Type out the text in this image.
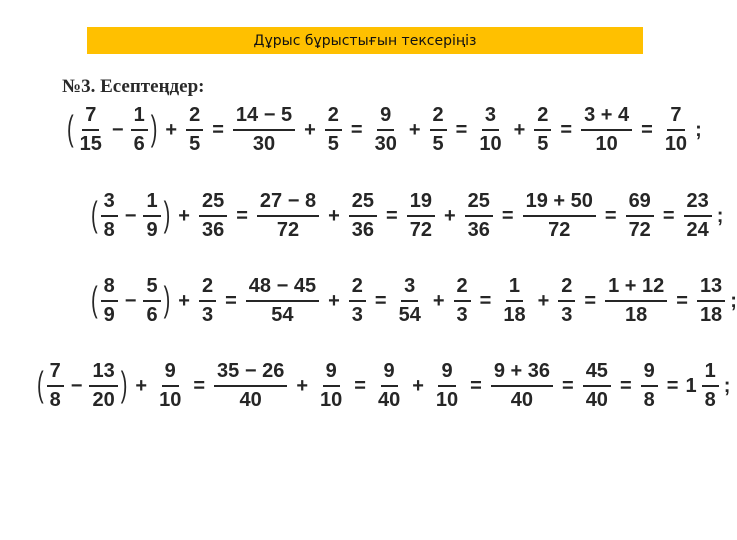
Дұрыс бұрыстығын тексеріңіз
№3. Есептеңдер:
( $\frac{7}{15} - \frac{1}{6}$ ) + $\frac{2}{5} = \frac{14 - 5}{30} + \frac{2}{5} = \frac{9}{30} + \frac{2}{5} = \frac{3}{10} + \frac{2}{5} = \frac{3 + 4}{10} = \frac{7}{10}$ ;
( $\frac{3}{8} - \frac{1}{9}$ ) + $\frac{25}{36} = \frac{27 - 8}{72} + \frac{25}{36} = \frac{19}{72} + \frac{25}{36} = \frac{19 + 50}{72} = \frac{69}{72} = \frac{23}{24}$ ;
( $\frac{8}{9} - \frac{5}{6}$ ) + $\frac{2}{3} = \frac{48 - 45}{54} + \frac{2}{3} = \frac{3}{54} + \frac{2}{3} = \frac{1}{18} + \frac{2}{3} = \frac{1 + 12}{18} = \frac{13}{18}$ ;
( $\frac{7}{8} - \frac{13}{20}$ ) + $\frac{9}{10} = \frac{35 - 26}{40} + \frac{9}{10} = \frac{9}{40} + \frac{9}{10} = \frac{9 + 36}{40} = \frac{45}{40} = \frac{9}{8} = 1 \frac{1}{8}$ ;
